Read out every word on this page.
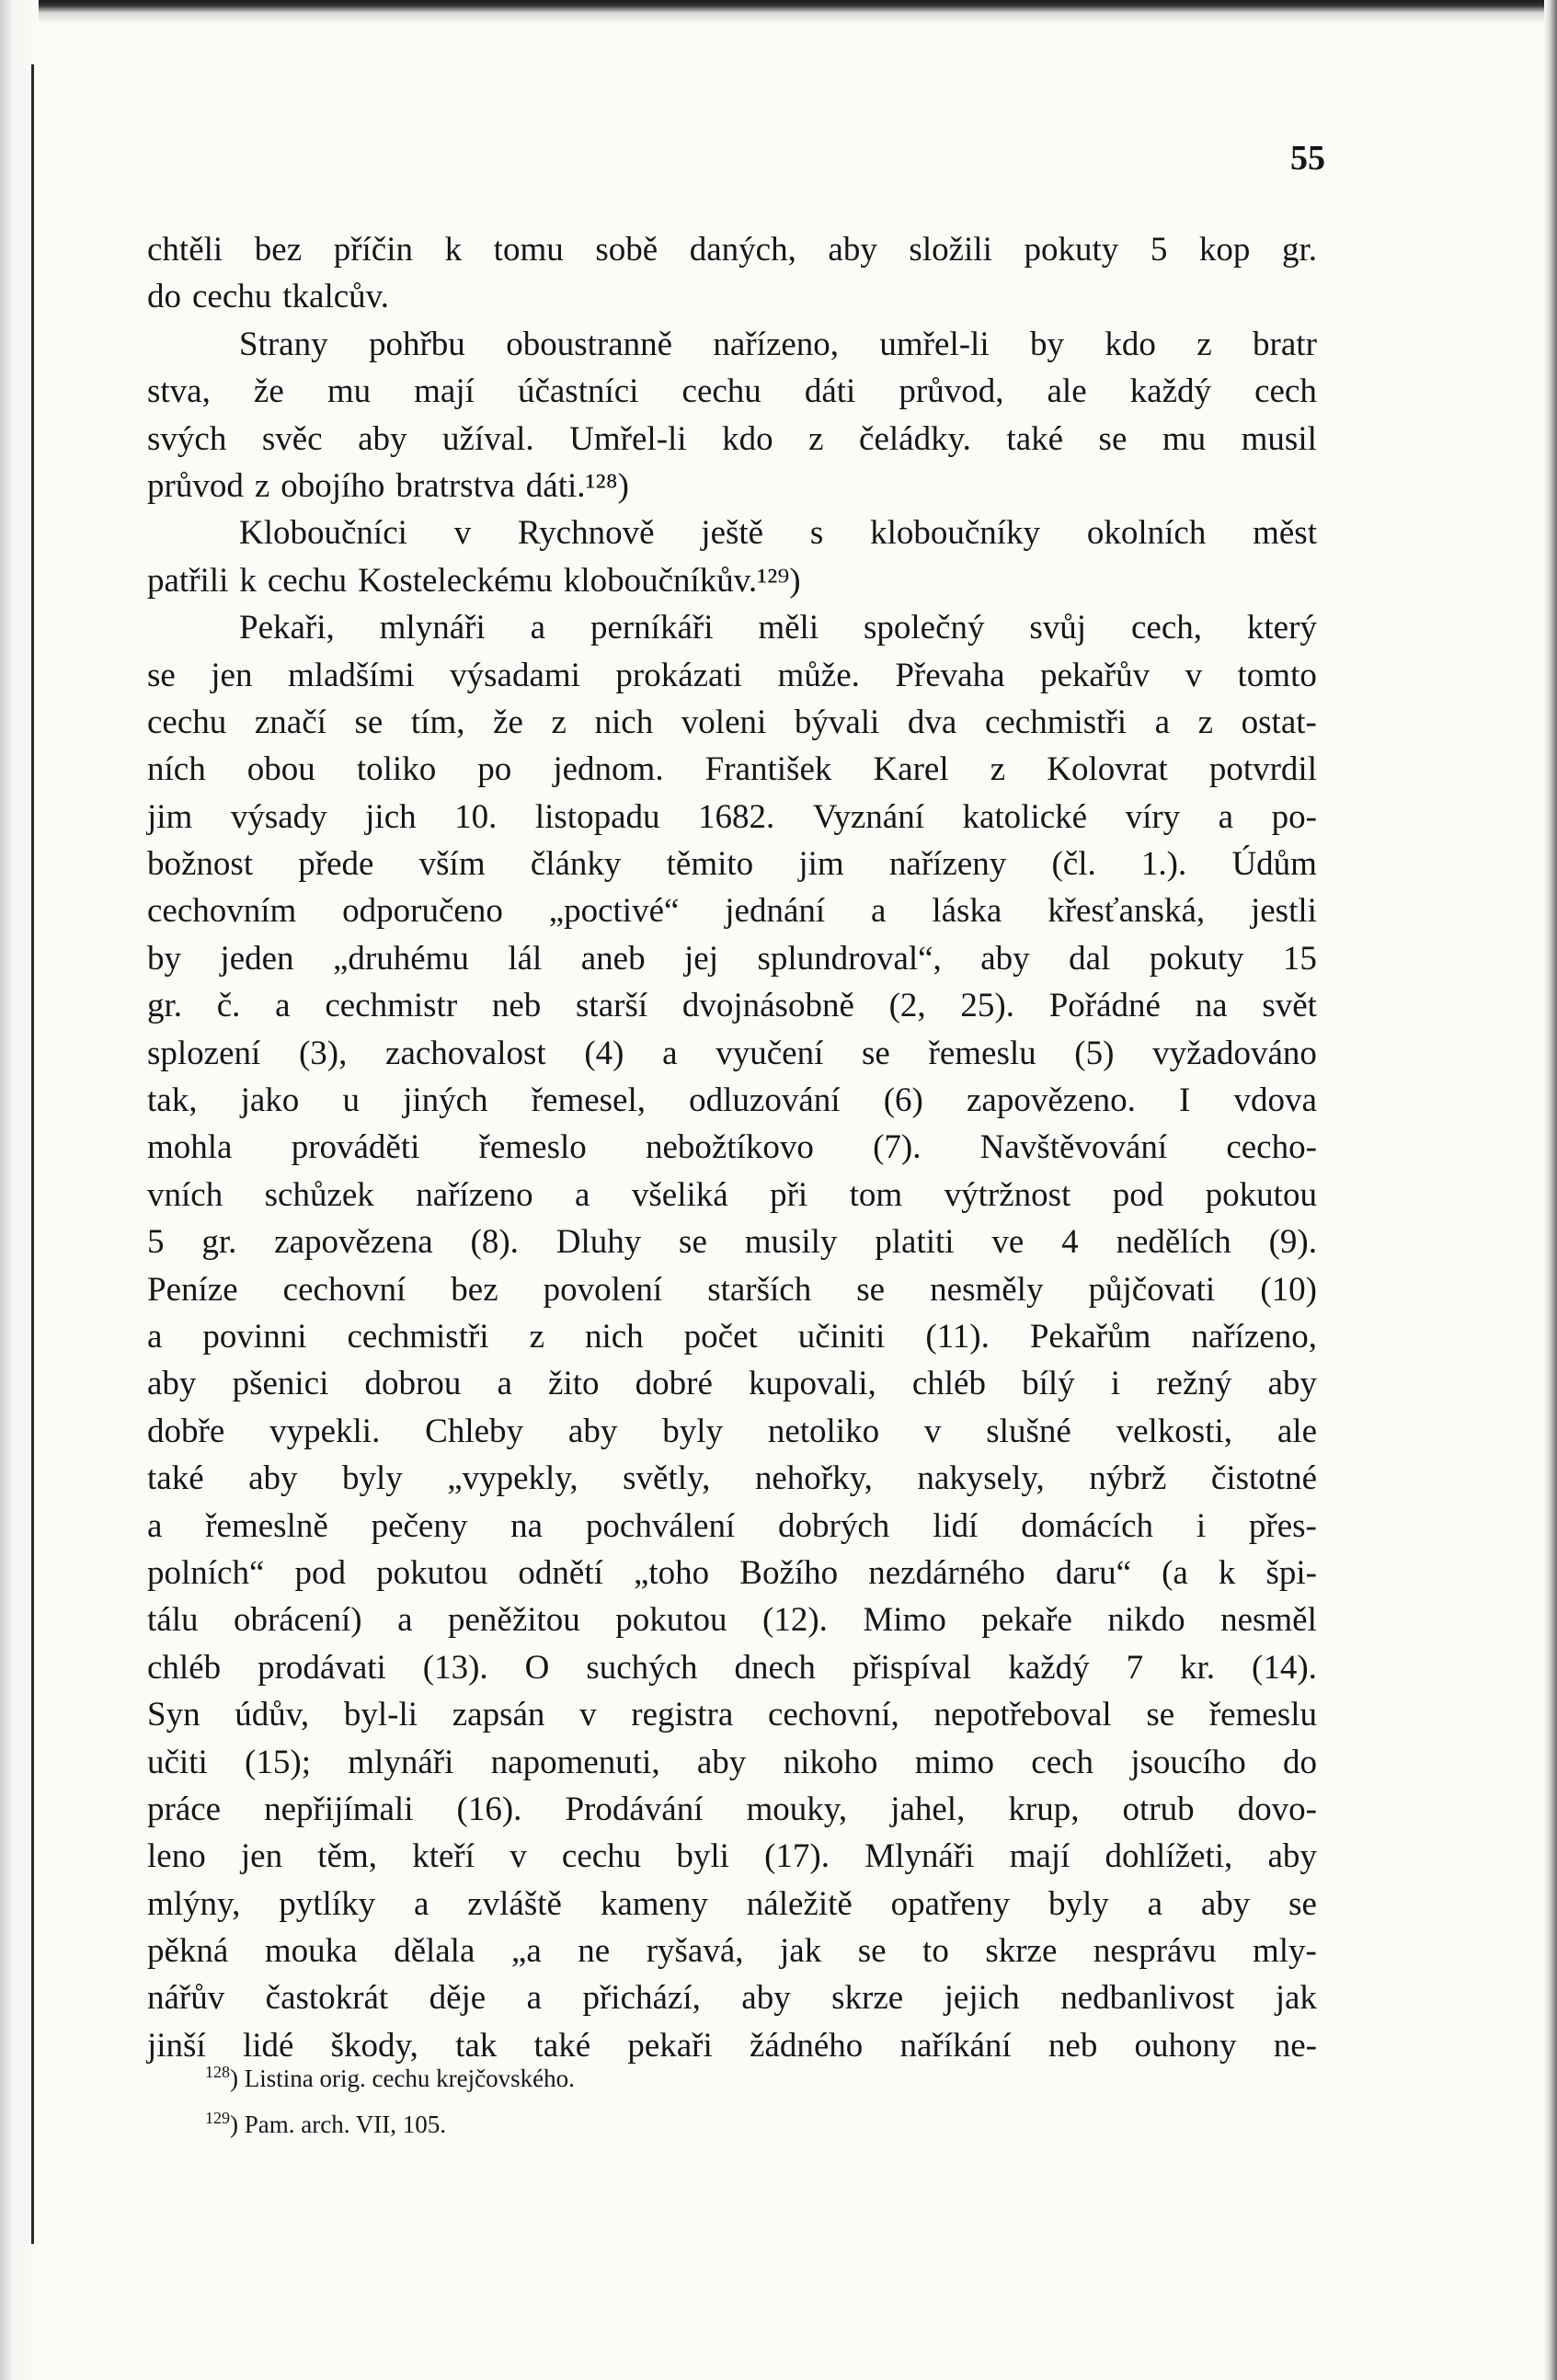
55
chtěli bez příčin k tomu sobě daných, aby složili pokuty 5 kop gr.
do cechu tkalcův.
Strany pohřbu oboustranně nařízeno, umřel-li by kdo z bratr
stva, že mu mají účastníci cechu dáti průvod, ale každý cech
svých svěc aby užíval. Umřel-li kdo z čeládky. také se mu musil
průvod z obojího bratrstva dáti.¹²⁸)
Kloboučníci v Rychnově ještě s kloboučníky okolních měst
patřili k cechu Kosteleckému kloboučníkův.¹²⁹)
Pekaři, mlynáři a perníkáři měli společný svůj cech, který
se jen mladšími výsadami prokázati může. Převaha pekařův v tomto
cechu značí se tím, že z nich voleni bývali dva cechmistři a z ostat-
ních obou toliko po jednom. František Karel z Kolovrat potvrdil
jim výsady jich 10. listopadu 1682. Vyznání katolické víry a po-
božnost přede vším články těmito jim nařízeny (čl. 1.). Údům
cechovním odporučeno „poctivé“ jednání a láska křesťanská, jestli
by jeden „druhému lál aneb jej splundroval“, aby dal pokuty 15
gr. č. a cechmistr neb starší dvojnásobně (2, 25). Pořádné na svět
splození (3), zachovalost (4) a vyučení se řemeslu (5) vyžadováno
tak, jako u jiných řemesel, odluzování (6) zapovězeno. I vdova
mohla prováděti řemeslo nebožtíkovo (7). Navštěvování cecho-
vních schůzek nařízeno a všeliká při tom výtržnost pod pokutou
5 gr. zapovězena (8). Dluhy se musily platiti ve 4 nedělích (9).
Peníze cechovní bez povolení starších se nesměly půjčovati (10)
a povinni cechmistři z nich počet učiniti (11). Pekařům nařízeno,
aby pšenici dobrou a žito dobré kupovali, chléb bílý i režný aby
dobře vypekli. Chleby aby byly netoliko v slušné velkosti, ale
také aby byly „vypekly, světly, nehořky, nakysely, nýbrž čistotné
a řemeslně pečeny na pochválení dobrých lidí domácích i přes-
polních“ pod pokutou odnětí „toho Božího nezdárného daru“ (a k špi-
tálu obrácení) a peněžitou pokutou (12). Mimo pekaře nikdo nesměl
chléb prodávati (13). O suchých dnech přispíval každý 7 kr. (14).
Syn údův, byl-li zapsán v registra cechovní, nepotřeboval se řemeslu
učiti (15); mlynáři napomenuti, aby nikoho mimo cech jsoucího do
práce nepřijímali (16). Prodávání mouky, jahel, krup, otrub dovo-
leno jen těm, kteří v cechu byli (17). Mlynáři mají dohlížeti, aby
mlýny, pytlíky a zvláště kameny náležitě opatřeny byly a aby se
pěkná mouka dělala „a ne ryšavá, jak se to skrze nesprávu mly-
nářův častokrát děje a přichází, aby skrze jejich nedbanlivost jak
jinší lidé škody, tak také pekaři žádného naříkání neb ouhony ne-
$^{128}$) Listina orig. cechu krejčovského.
$^{129}$) Pam. arch. VII, 105.
